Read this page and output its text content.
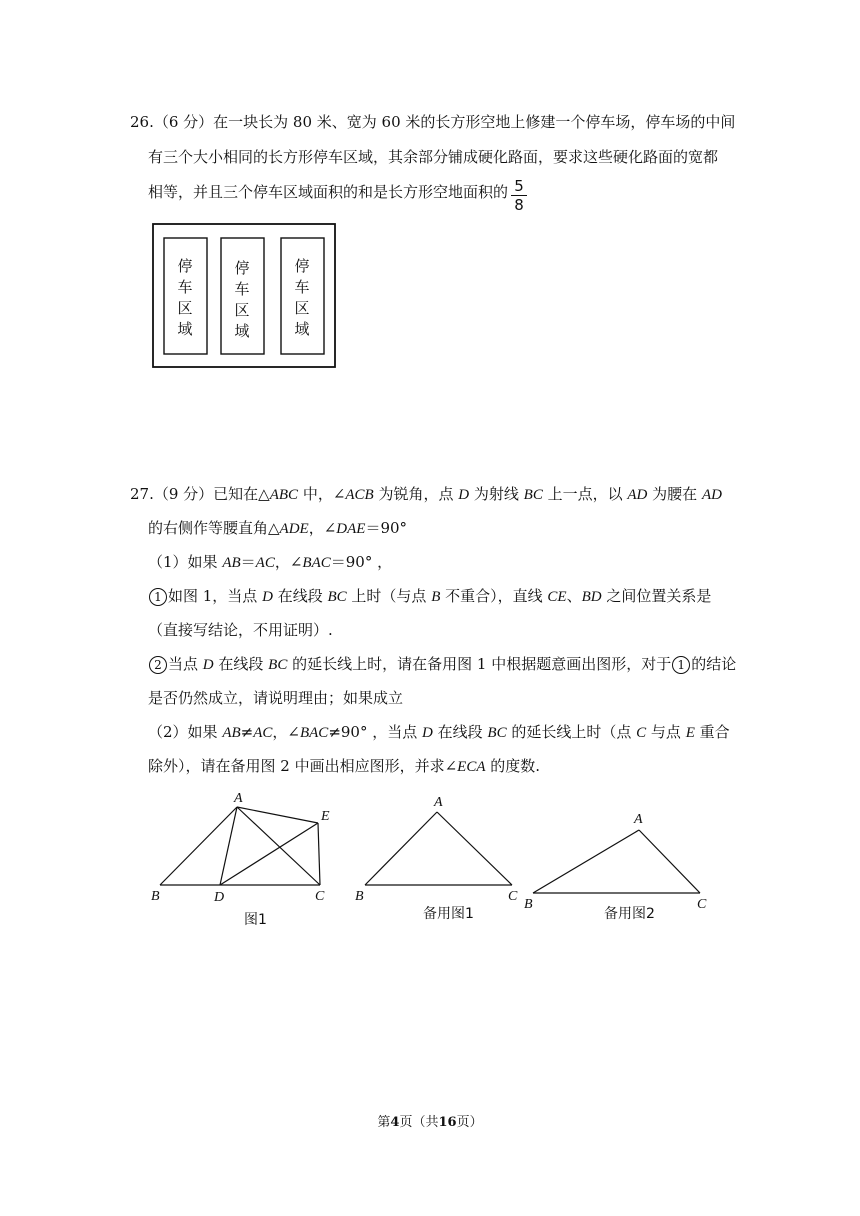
26.（6 分）在一块长为 80 米、宽为 60 米的长方形空地上修建一个停车场，停车场的中间
有三个大小相同的长方形停车区域，其余部分铺成硬化路面，要求这些硬化路面的宽都
相等，并且三个停车区域面积的和是长方形空地面积的 5
8
停
车
区
域
停
车
区
域
停
车
区
域
A
B	C
D
E
图1
A
B	C
备用图1
A
B	C
备用图2
27.（9 分）已知在△ABC 中，∠ACB 为锐角，点 D 为射线 BC 上一点，以 AD 为腰在 AD
的右侧作等腰直角△ADE，∠DAE＝90°
（1）如果 AB＝AC，∠BAC＝90° ，
1 如图 1，当点 D 在线段 BC 上时（与点 B 不重合），直线 CE、BD 之间位置关系是
（直接写结论，不用证明）.
2 当点 D 在线段 BC 的延长线上时，请在备用图 1 中根据题意画出图形，对于 1 的结论
是否仍然成立，请说明理由；如果成立
（2）如果 AB≠AC，∠BAC≠90° ，当点 D 在线段 BC 的延长线上时（点 C 与点 E 重合
除外），请在备用图 2 中画出相应图形，并求∠ECA 的度数.
第4页（共16页）
